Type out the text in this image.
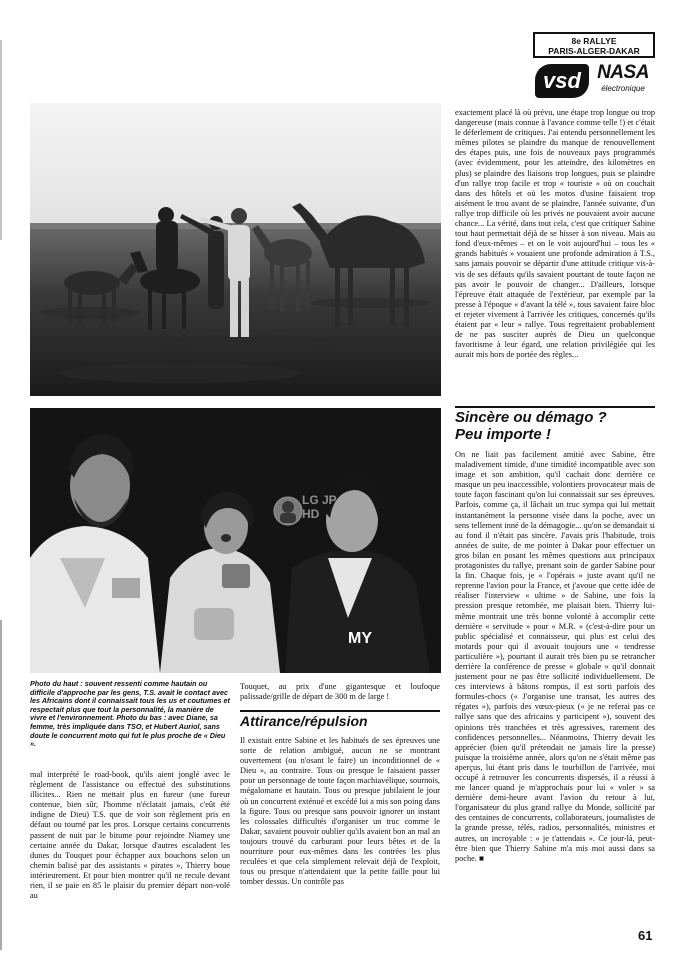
8e RALLYE
PARIS-ALGER-DAKAR
vsd NASA
électronique
MY
LG JP HD

exactement placé là où prévu, une étape trop longue ou trop dangereuse (mais connue à l'avance comme telle !) et c'était le déferlement de critiques. J'ai entendu personnellement les mêmes pilotes se plaindre du manque de renouvellement des étapes puis, une fois de nouveaux pays programmés (avec évidemment, pour les atteindre, des kilomètres en plus) se plaindre des liaisons trop longues, puis se plaindre d'un rallye trop facile et trop « touriste » où on couchait dans des hôtels et où les motos d'usine faisaient trop aisément le trou avant de se plaindre, l'année suivante, d'un rallye trop difficile où les privés ne pouvaient avoir aucune chance... La vérité, dans tout cela, c'est que critiquer Sabine tout haut permettait déjà de se hisser à son niveau. Mais au fond d'eux-mêmes – et on le voit aujourd'hui – tous les « grands habitués » vouaient une profonde admiration à T.S., sans jamais pouvoir se départir d'une attitude critique vis-à-vis de ses défauts qu'ils savaient pourtant de toute façon ne pas avoir le pouvoir de changer... D'ailleurs, lorsque l'épreuve était attaquée de l'extérieur, par exemple par la presse à l'époque « d'avant la télé », tous savaient faire bloc et rejeter vivement à l'arrivée les critiques, concernés qu'ils étaient par « leur » rallye. Tous regrettaient probablement de ne pas susciter auprès de Dieu un quelconque favoritisme à leur égard, une relation privilégiée qui les aurait mis hors de portée des règles...

Sincère ou démago ?
Peu importe !

On ne liait pas facilement amitié avec Sabine, être maladivement timide, d'une timidité incompatible avec son image et son ambition, qu'il cachait donc derrière ce masque un peu inaccessible, volontiers provocateur mais de toute façon fascinant qu'on lui connaissait sur ses épreuves. Parfois, comme ça, il lâchait un truc sympa qui lui mettait instantanément la personne visée dans la poche, avec un sens tellement inné de la démagogie... qu'on se demandait si au fond il n'était pas sincère. J'avais pris l'habitude, trois années de suite, de me pointer à Dakar pour effectuer un gros bilan en posant les mêmes questions aux principaux protagonistes du rallye, prenant soin de garder Sabine pour la fin. Chaque fois, je « l'opérais » juste avant qu'il ne reprenne l'avion pour la France, et j'avoue que cette idée de réaliser l'interview « ultime » de Sabine, une fois la pression presque retombée, me plaisait bien. Thierry lui-même montrait une très bonne volonté à accomplir cette dernière « servitude » pour « M.R. » (c'est-à-dire pour un public spécialisé et connaisseur, qui plus est celui des motards pour qui il avouait toujours une « tendresse particulière »), pourtant il aurait très bien pu se retrancher derrière la conférence de presse « globale » qu'il donnait justement pour ne pas être sollicité individuellement. De ces interviews à bâtons rompus, il est sorti parfois des formules-chocs (« J'organise une transat, les autres des régates »), parfois des vœux-pieux (« je ne referai pas ce rallye sans que des africains y participent »), souvent des opinions très tranchées et très agressives, rarement des confidences personnelles... Néanmoins, Thierry devait les apprécier (bien qu'il prétendait ne jamais lire la presse) puisque la troisième année, alors qu'on ne s'était même pas aperçus, lui étant pris dans le tourbillon de l'arrivée, moi occupé à retrouver les concurrents dispersés, il a réussi à me lancer quand je m'approchais pour lui « voler » sa dernière demi-heure avant l'avion du retour à lui, l'organisateur du plus grand rallye du Monde, sollicité par des centaines de concurrents, collaborateurs, journalistes de la grande presse, télés, radios, personnalités, ministres et autres, un incroyable : « je t'attendais ». Ce jour-là, peut-être bien que Thierry Sabine m'a mis moi aussi dans sa poche. ■

Photo du haut : souvent ressenti comme hautain ou difficile d'approche par les gens, T.S. avait le contact avec les Africains dont il connaissait tous les us et coutumes et respectait plus que tout la personnalité, la manière de vivre et l'environnement. Photo du bas : avec Diane, sa femme, très impliquée dans TSO, et Hubert Auriol, sans doute le concurrent moto qui fut le plus proche de « Dieu ».

mal interprété le road-book, qu'ils aient jonglé avec le règlement de l'assistance ou effectué des substitutions illicites... Rien ne mettait plus en fureur (une fureur contenue, bien sûr, l'homme n'éclatait jamais, c'eût été indigne de Dieu) T.S. que de voir son règlement pris en défaut ou tourné par les pros. Lorsque certains concurrents passent de nuit par le bitume pour rejoindre Niamey une certaine année du Dakar, lorsque d'autres escaladent les dunes du Touquet pour échapper aux bouchons selon un chemin balisé par des assistants « pirates », Thierry boue intérieurement. Et pour bien montrer qu'il ne recule devant rien, il se paie en 85 le plaisir du premier départ non-volé au

Touquet, au prix d'une gigantesque et loufoque palissade/grille de départ de 300 m de large !

Attirance/répulsion

Il existait entre Sabine et les habitués de ses épreuves une sorte de relation ambiguë, aucun ne se montrant ouvertement (ou n'osant le faire) un inconditionnel de « Dieu », au contraire. Tous ou presque le faisaient passer pour un personnage de toute façon machiavélique, sournois, mégalomane et hautain. Tous ou presque jubilaient le jour où un concurrent exténué et excédé lui a mis son poing dans la figure. Tous ou presque sans pouvoir ignorer un instant les colossales difficultés d'organiser un truc comme le Dakar, savaient pouvoir oublier qu'ils avaient bon an mal an toujours trouvé du carburant pour leurs bêtes et de la nourriture pour eux-mêmes dans les contrées les plus reculées et que cela simplement relevait déjà de l'exploit, tous ou presque n'attendaient que la petite faille pour lui tomber dessus. Un contrôle pas

61
